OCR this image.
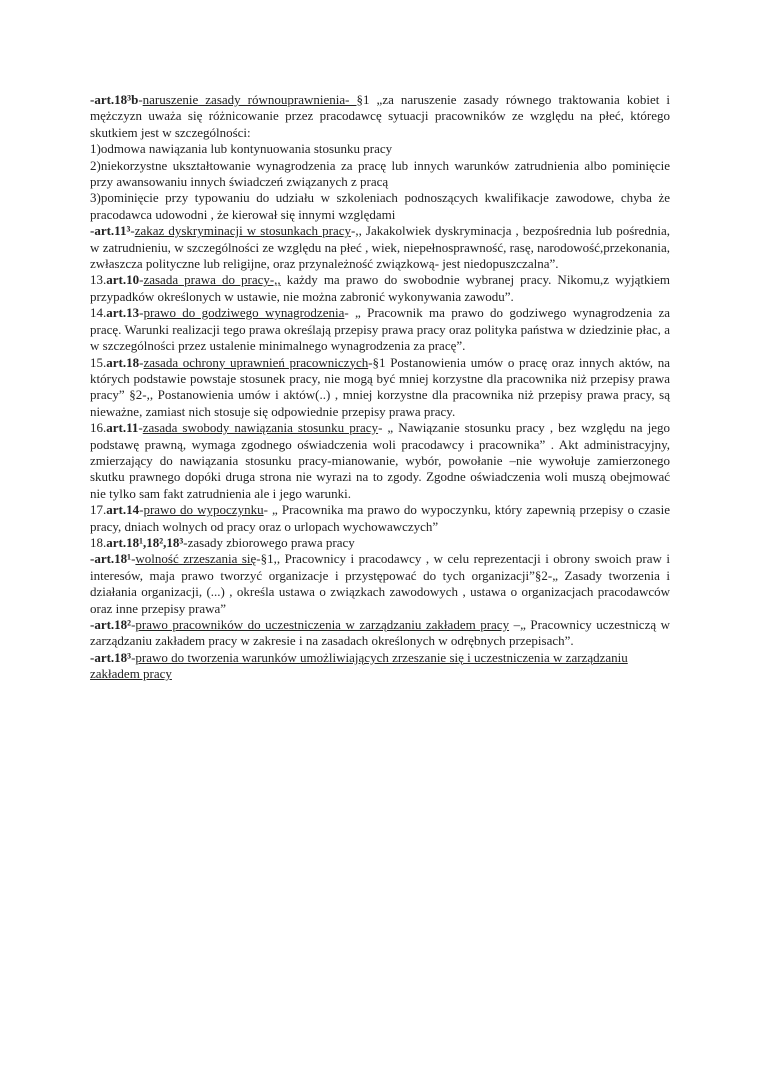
-art.18³b-naruszenie zasady równouprawnienia- §1 „za naruszenie zasady równego traktowania kobiet i mężczyzn uważa się różnicowanie przez pracodawcę sytuacji pracowników ze względu na płeć, którego skutkiem jest w szczególności:

1)odmowa nawiązania lub kontynuowania stosunku pracy

2)niekorzystne ukształtowanie wynagrodzenia za pracę lub innych warunków zatrudnienia albo pominięcie przy awansowaniu innych świadczeń związanych z pracą

3)pominięcie przy typowaniu do udziału w szkoleniach podnoszących kwalifikacje zawodowe, chyba że pracodawca udowodni , że kierował się innymi względami

-art.11³-zakaz dyskryminacji w stosunkach pracy-,, Jakakolwiek dyskryminacja , bezpośrednia lub pośrednia, w zatrudnieniu, w szczególności ze względu na płeć , wiek, niepełnosprawność, rasę, narodowość,przekonania, zwłaszcza polityczne lub religijne, oraz przynależność związkową- jest niedopuszczalna”.

13.art.10-zasada prawa do pracy-,, każdy ma prawo do swobodnie wybranej pracy. Nikomu,z wyjątkiem przypadków określonych w ustawie, nie można zabronić wykonywania zawodu”.

14.art.13-prawo do godziwego wynagrodzenia- „ Pracownik ma prawo do godziwego wynagrodzenia za pracę. Warunki realizacji tego prawa określają przepisy prawa pracy oraz polityka państwa w dziedzinie płac, a w szczególności przez ustalenie minimalnego wynagrodzenia za pracę”.

15.art.18-zasada ochrony uprawnień pracowniczych-§1 Postanowienia umów o pracę oraz innych aktów, na których podstawie powstaje stosunek pracy, nie mogą być mniej korzystne dla pracownika niż przepisy prawa pracy” §2-,, Postanowienia umów i aktów(..) , mniej korzystne dla pracownika niż przepisy prawa pracy, są nieważne, zamiast nich stosuje się odpowiednie przepisy prawa pracy.

16.art.11-zasada swobody nawiązania stosunku pracy- „ Nawiązanie stosunku pracy , bez względu na jego podstawę prawną, wymaga zgodnego oświadczenia woli pracodawcy i pracownika” . Akt administracyjny, zmierzający do nawiązania stosunku pracy-mianowanie, wybór, powołanie –nie wywołuje zamierzonego skutku prawnego dopóki druga strona nie wyrazi na to zgody. Zgodne oświadczenia woli muszą obejmować nie tylko sam fakt zatrudnienia ale i jego warunki.

17.art.14-prawo do wypoczynku- „ Pracownika ma prawo do wypoczynku, który zapewnią przepisy o czasie pracy, dniach wolnych od pracy oraz o urlopach wychowawczych”

18.art.18¹,18²,18³-zasady zbiorowego prawa pracy

-art.18¹-wolność zrzeszania się-§1,, Pracownicy i pracodawcy , w celu reprezentacji i obrony swoich praw i interesów, maja prawo tworzyć organizacje i przystępować do tych organizacji”§2-„ Zasady tworzenia i działania organizacji, (...) , określa ustawa o związkach zawodowych , ustawa o organizacjach pracodawców oraz inne przepisy prawa”

-art.18²-prawo pracowników do uczestniczenia w zarządzaniu zakładem pracy –„ Pracownicy uczestniczą w zarządzaniu zakładem pracy w zakresie i na zasadach określonych w odrębnych przepisach”.

-art.18³-prawo do tworzenia warunków umożliwiających zrzeszanie się i uczestniczenia w zarządzaniu zakładem pracy
